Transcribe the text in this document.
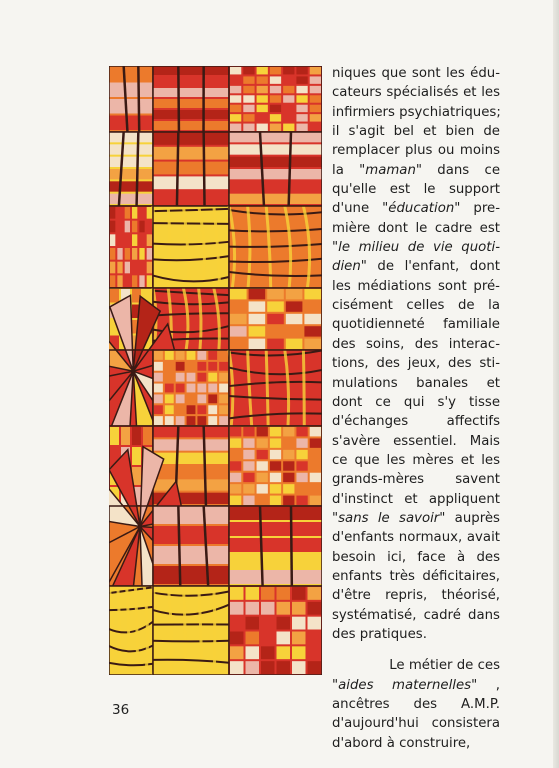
niques que sont les édu-
cateurs spécialisés et les
infirmiers psychiatriques;
il s'agit bel et bien de
remplacer plus ou moins
la "maman" dans ce
qu'elle est le support
d'une "éducation" pre-
mière dont le cadre est
"le milieu de vie quoti-
dien" de l'enfant, dont
les médiations sont pré-
cisément celles de la
quotidienneté familiale
des soins, des interac-
tions, des jeux, des sti-
mulations banales et
dont ce qui s'y tisse
d'échanges affectifs
s'avère essentiel. Mais
ce que les mères et les
grands-mères savent
d'instinct et appliquent
"sans le savoir" auprès
d'enfants normaux, avait
besoin ici, face à des
enfants très déficitaires,
d'être repris, théorisé,
systématisé, cadré dans
des pratiques.
Le métier de ces
"aides maternelles" ,
ancêtres des A.M.P.
d'aujourd'hui consistera
d'abord à construire,
36
